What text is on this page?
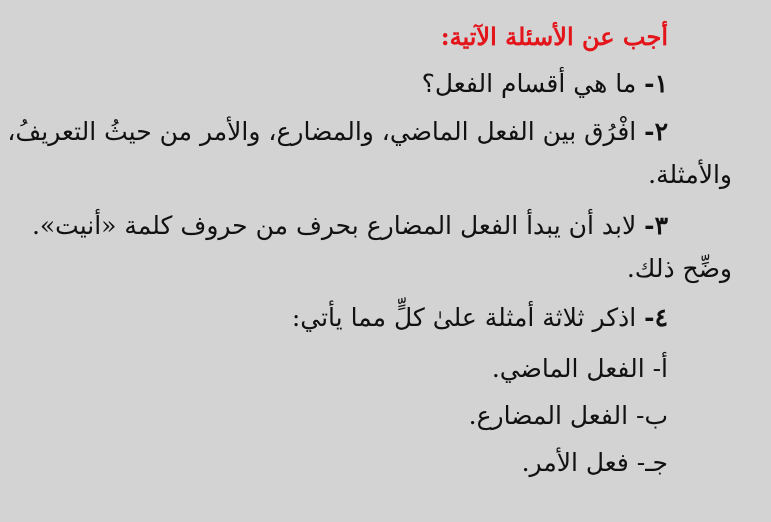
أجب عن الأسئلة الآتية:
١- ما هي أقسام الفعل؟
٢- افْرُق بين الفعل الماضي، والمضارع، والأمر من حيثُ التعريفُ،
والأمثلة.
٣- لابد أن يبدأ الفعل المضارع بحرف من حروف كلمة «أنيت».
وضِّح ذلك.
٤- اذكر ثلاثة أمثلة علىٰ كلٍّ مما يأتي:
أ- الفعل الماضي.
ب- الفعل المضارع.
جـ- فعل الأمر.
